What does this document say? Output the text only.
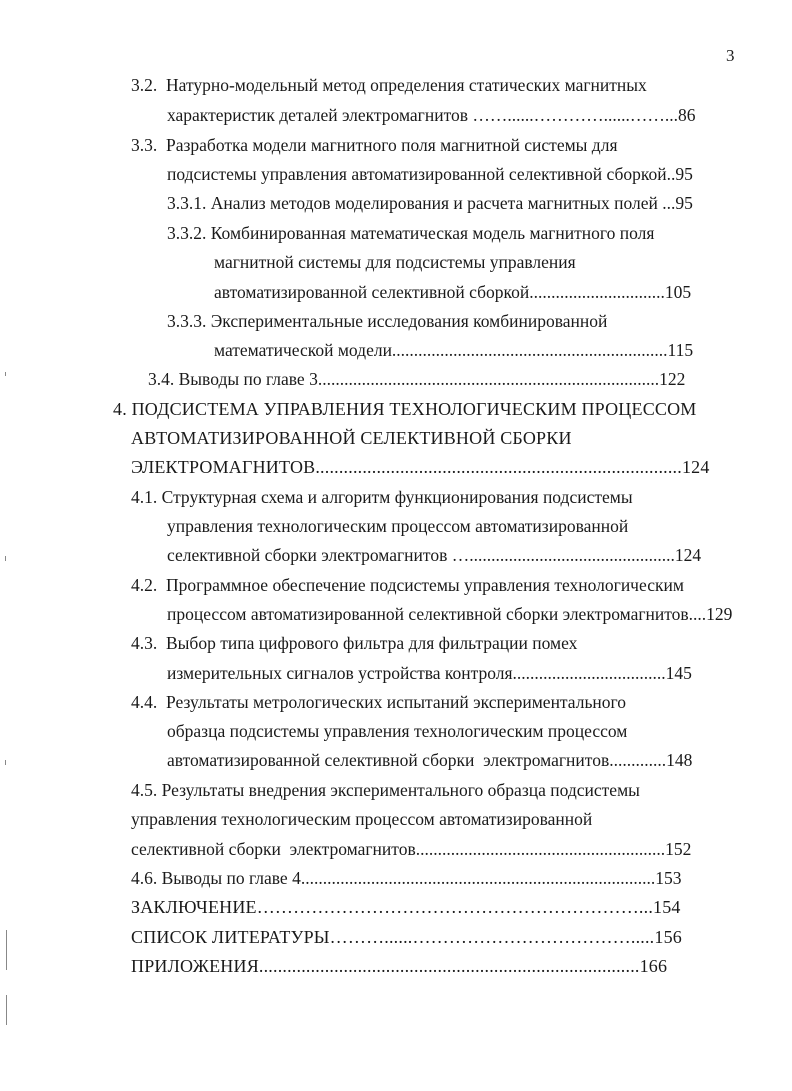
3
3.2.  Натурно-модельный метод определения статических магнитных
характеристик деталей электромагнитов ……......…………......……...86
3.3.  Разработка модели магнитного поля магнитной системы для
подсистемы управления автоматизированной селективной сборкой..95
3.3.1. Анализ методов моделирования и расчета магнитных полей ...95
3.3.2. Комбинированная математическая модель магнитного поля
магнитной системы для подсистемы управления
автоматизированной селективной сборкой...............................105
3.3.3. Экспериментальные исследования комбинированной
математической модели...............................................................115
3.4. Выводы по главе 3..............................................................................122
4. ПОДСИСТЕМА УПРАВЛЕНИЯ ТЕХНОЛОГИЧЕСКИМ ПРОЦЕССОМ
АВТОМАТИЗИРОВАННОЙ СЕЛЕКТИВНОЙ СБОРКИ
ЭЛЕКТРОМАГНИТОВ..............................................................................124
4.1. Структурная схема и алгоритм функционирования подсистемы
управления технологическим процессом автоматизированной
селективной сборки электромагнитов …...............................................124
4.2.  Программное обеспечение подсистемы управления технологическим
процессом автоматизированной селективной сборки электромагнитов....129
4.3.  Выбор типа цифрового фильтра для фильтрации помех
измерительных сигналов устройства контроля...................................145
4.4.  Результаты метрологических испытаний экспериментального
образца подсистемы управления технологическим процессом
автоматизированной селективной сборки  электромагнитов.............148
4.5. Результаты внедрения экспериментального образца подсистемы
управления технологическим процессом автоматизированной
селективной сборки  электромагнитов.........................................................152
4.6. Выводы по главе 4.................................................................................153
ЗАКЛЮЧЕНИЕ………………………………………………………...154
СПИСОК ЛИТЕРАТУРЫ………......……………………………….....156
ПРИЛОЖЕНИЯ.................................................................................166
